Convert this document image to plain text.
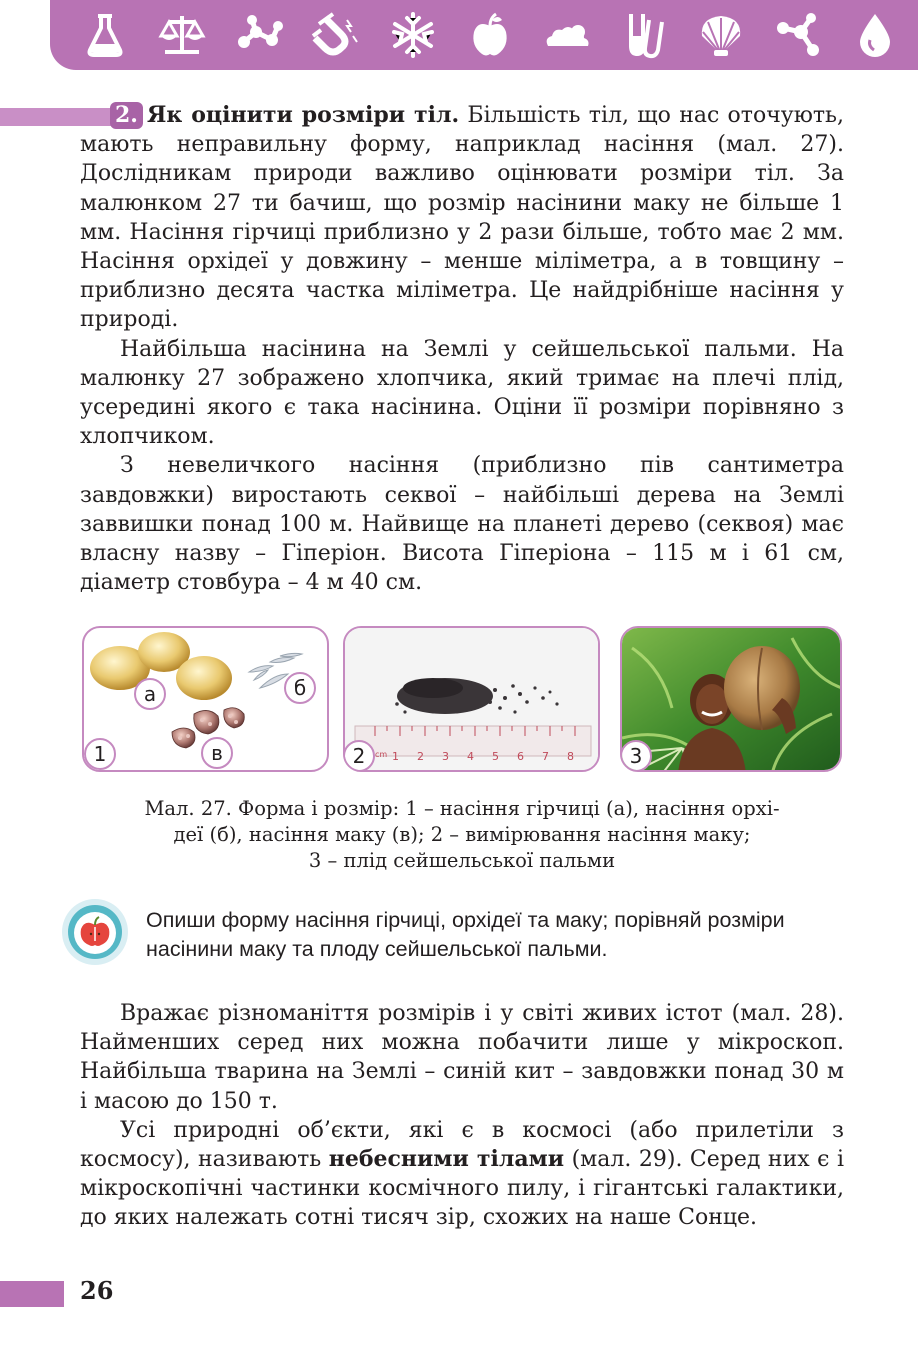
2. Як оцінити розміри тіл. Більшість тіл, що нас оточують, мають неправильну форму, наприклад насіння (мал. 27). Дослідникам природи важливо оцінювати розміри тіл. За малюнком 27 ти бачиш, що розмір насінини маку не більше 1 мм. Насіння гірчиці приблизно у 2 рази більше, тобто має 2 мм. Насіння орхідеї у довжину – менше міліметра, а в товщину – приблизно десята частка міліметра. Це найдрібніше насіння у природі.

Найбільша насінина на Землі у сейшельської пальми. На малюнку 27 зображено хлопчика, який тримає на плечі плід, усередині якого є така насінина. Оціни її розміри порівняно з хлопчиком.

З невеличкого насіння (приблизно пів сантиметра завдовжки) виростають секвої – найбільші дерева на Землі заввишки понад 100 м. Найвище на планеті дерево (секвоя) має власну назву – Гіперіон. Висота Гіперіона – 115 м і 61 см, діаметр стовбура – 4 м 40 см.

а	б
в
1	cm 1 2 3 4 5 6 7 8
2	3
Мал. 27. Форма і розмір: 1 – насіння гірчиці (а), насіння орхі-
деї (б), насіння маку (в); 2 – вимірювання насіння маку;
3 – плід сейшельської пальми
Опиши форму насіння гірчиці, орхідеї та маку; порівняй розміри насінини маку та плоду сейшельської пальми.

Вражає різноманіття розмірів і у світі живих істот (мал. 28). Найменших серед них можна побачити лише у мікроскоп. Найбільша тварина на Землі – синій кит – завдовжки понад 30 м і масою до 150 т.

Усі природні об’єкти, які є в космосі (або прилетіли з космосу), називають небесними тілами (мал. 29). Серед них є і мікроскопічні частинки космічного пилу, і гігантські галактики, до яких належать сотні тисяч зір, схожих на наше Сонце.

26
